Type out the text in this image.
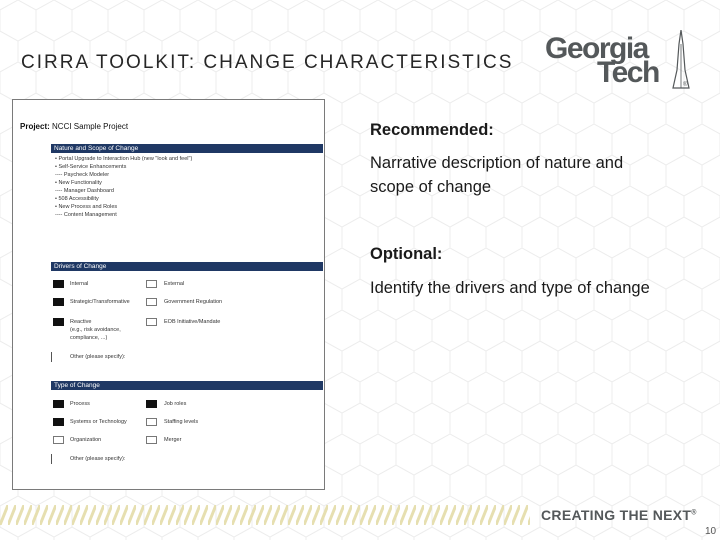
CIRRA TOOLKIT: CHANGE CHARACTERISTICS Georgia
Tech	®
Project: NCCI Sample Project
Nature and Scope of Change
• Portal Upgrade to Interaction Hub (new "look and feel")
• Self-Service Enhancements
---- Paycheck Modeler
• New Functionality
---- Manager Dashboard
• 508 Accessibility
• New Process and Roles
---- Content Management
Drivers of Change
Internal
Strategic/Transformative
Reactive
(e.g., risk avoidance,
compliance, ...)
External
Government Regulation
EOB Initiative/Mandate
Other (please specify):
Type of Change
Process
Systems or Technology
Organization
Job roles
Staffing levels
Merger
Other (please specify):
Recommended:
Narrative description of nature and
scope of change
Optional:
Identify the drivers and type of change
CREATING THE NEXT®
10
